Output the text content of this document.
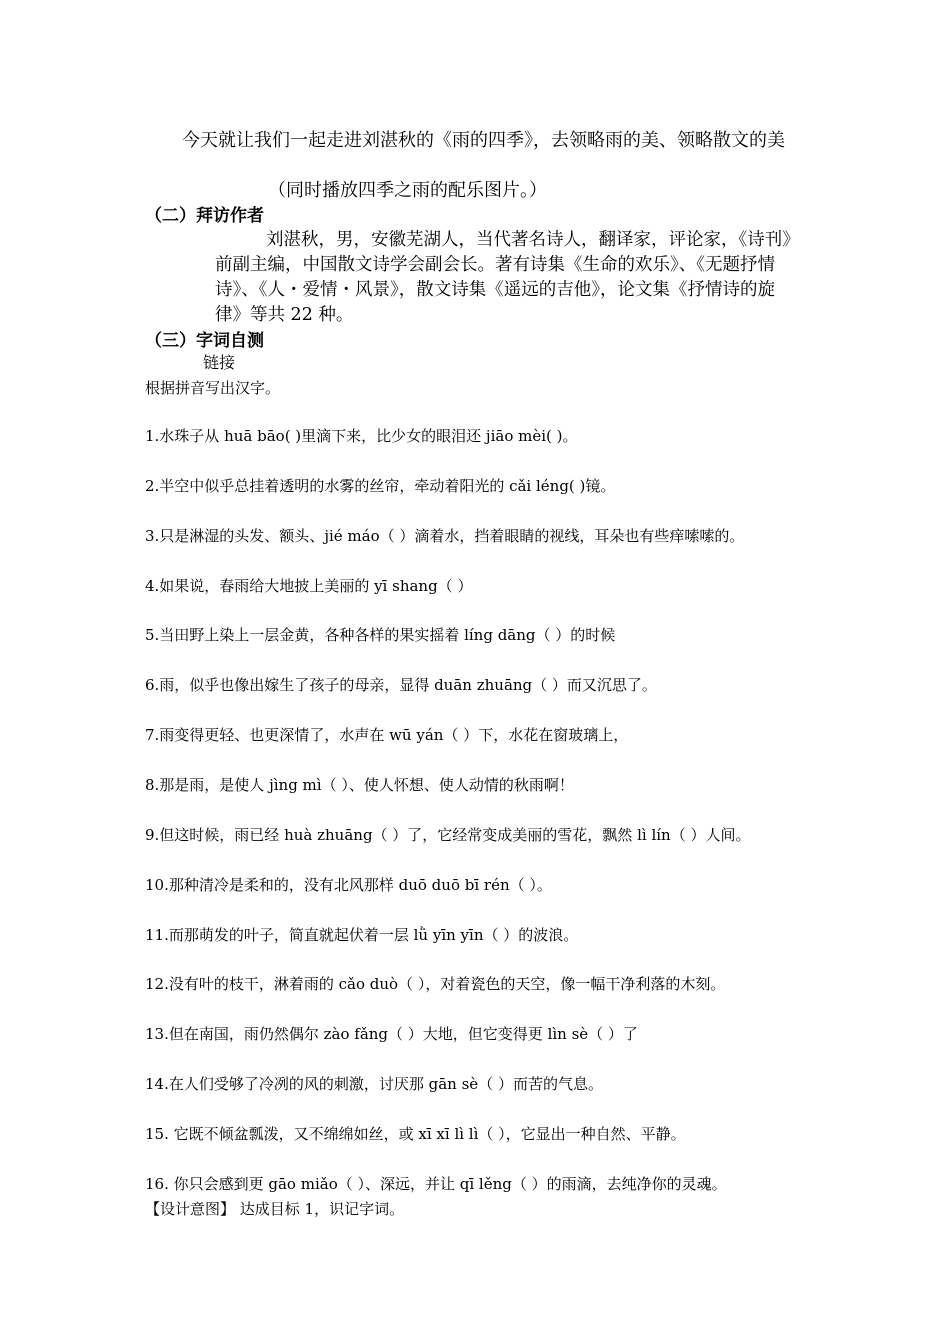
今天就让我们一起走进刘湛秋的《雨的四季》，去领略雨的美、领略散文的美
（同时播放四季之雨的配乐图片。）
（二）拜访作者
刘湛秋，男，安徽芜湖人，当代著名诗人，翻译家，评论家，《诗刊》
前副主编，中国散文诗学会副会长。著有诗集《生命的欢乐》、《无题抒情
诗》、《人・爱情・风景》，散文诗集《遥远的吉他》，论文集《抒情诗的旋
律》等共 22 种。
（三）字词自测
链接
根据拼音写出汉字。
1.水珠子从 huā bāo( )里滴下来，比少女的眼泪还 jiāo mèi( )。
2.半空中似乎总挂着透明的水雾的丝帘，牵动着阳光的 cǎi léng( )镜。
3.只是淋湿的头发、额头、jié máo（ ）滴着水，挡着眼睛的视线，耳朵也有些痒嗦嗦的。
4.如果说，春雨给大地披上美丽的 yī shang（ ）
5.当田野上染上一层金黄，各种各样的果实摇着 líng dāng（ ）的时候
6.雨，似乎也像出嫁生了孩子的母亲，显得 duān zhuāng（ ）而又沉思了。
7.雨变得更轻、也更深情了，水声在 wū yán（ ）下，水花在窗玻璃上，
8.那是雨，是使人 jìng mì（ ）、使人怀想、使人动情的秋雨啊！
9.但这时候，雨已经 huà zhuāng（ ）了，它经常变成美丽的雪花，飘然 lì lín（ ）人间。
10.那种清冷是柔和的，没有北风那样 duō duō bī rén（ ）。
11.而那萌发的叶子，简直就起伏着一层 lǜ yīn yīn（ ）的波浪。
12.没有叶的枝干，淋着雨的 cǎo duò（ ），对着瓷色的天空，像一幅干净利落的木刻。
13.但在南国，雨仍然偶尔 zào fǎng（ ）大地，但它变得更 lìn sè（ ）了
14.在人们受够了冷冽的风的刺激，讨厌那 gān sè（ ）而苦的气息。
15. 它既不倾盆瓢泼，又不绵绵如丝，或 xī xī lì lì（ ），它显出一种自然、平静。
16. 你只会感到更 gāo miǎo（ ）、深远，并让 qī lěng（ ）的雨滴，去纯净你的灵魂。
【设计意图】 达成目标 1，识记字词。
